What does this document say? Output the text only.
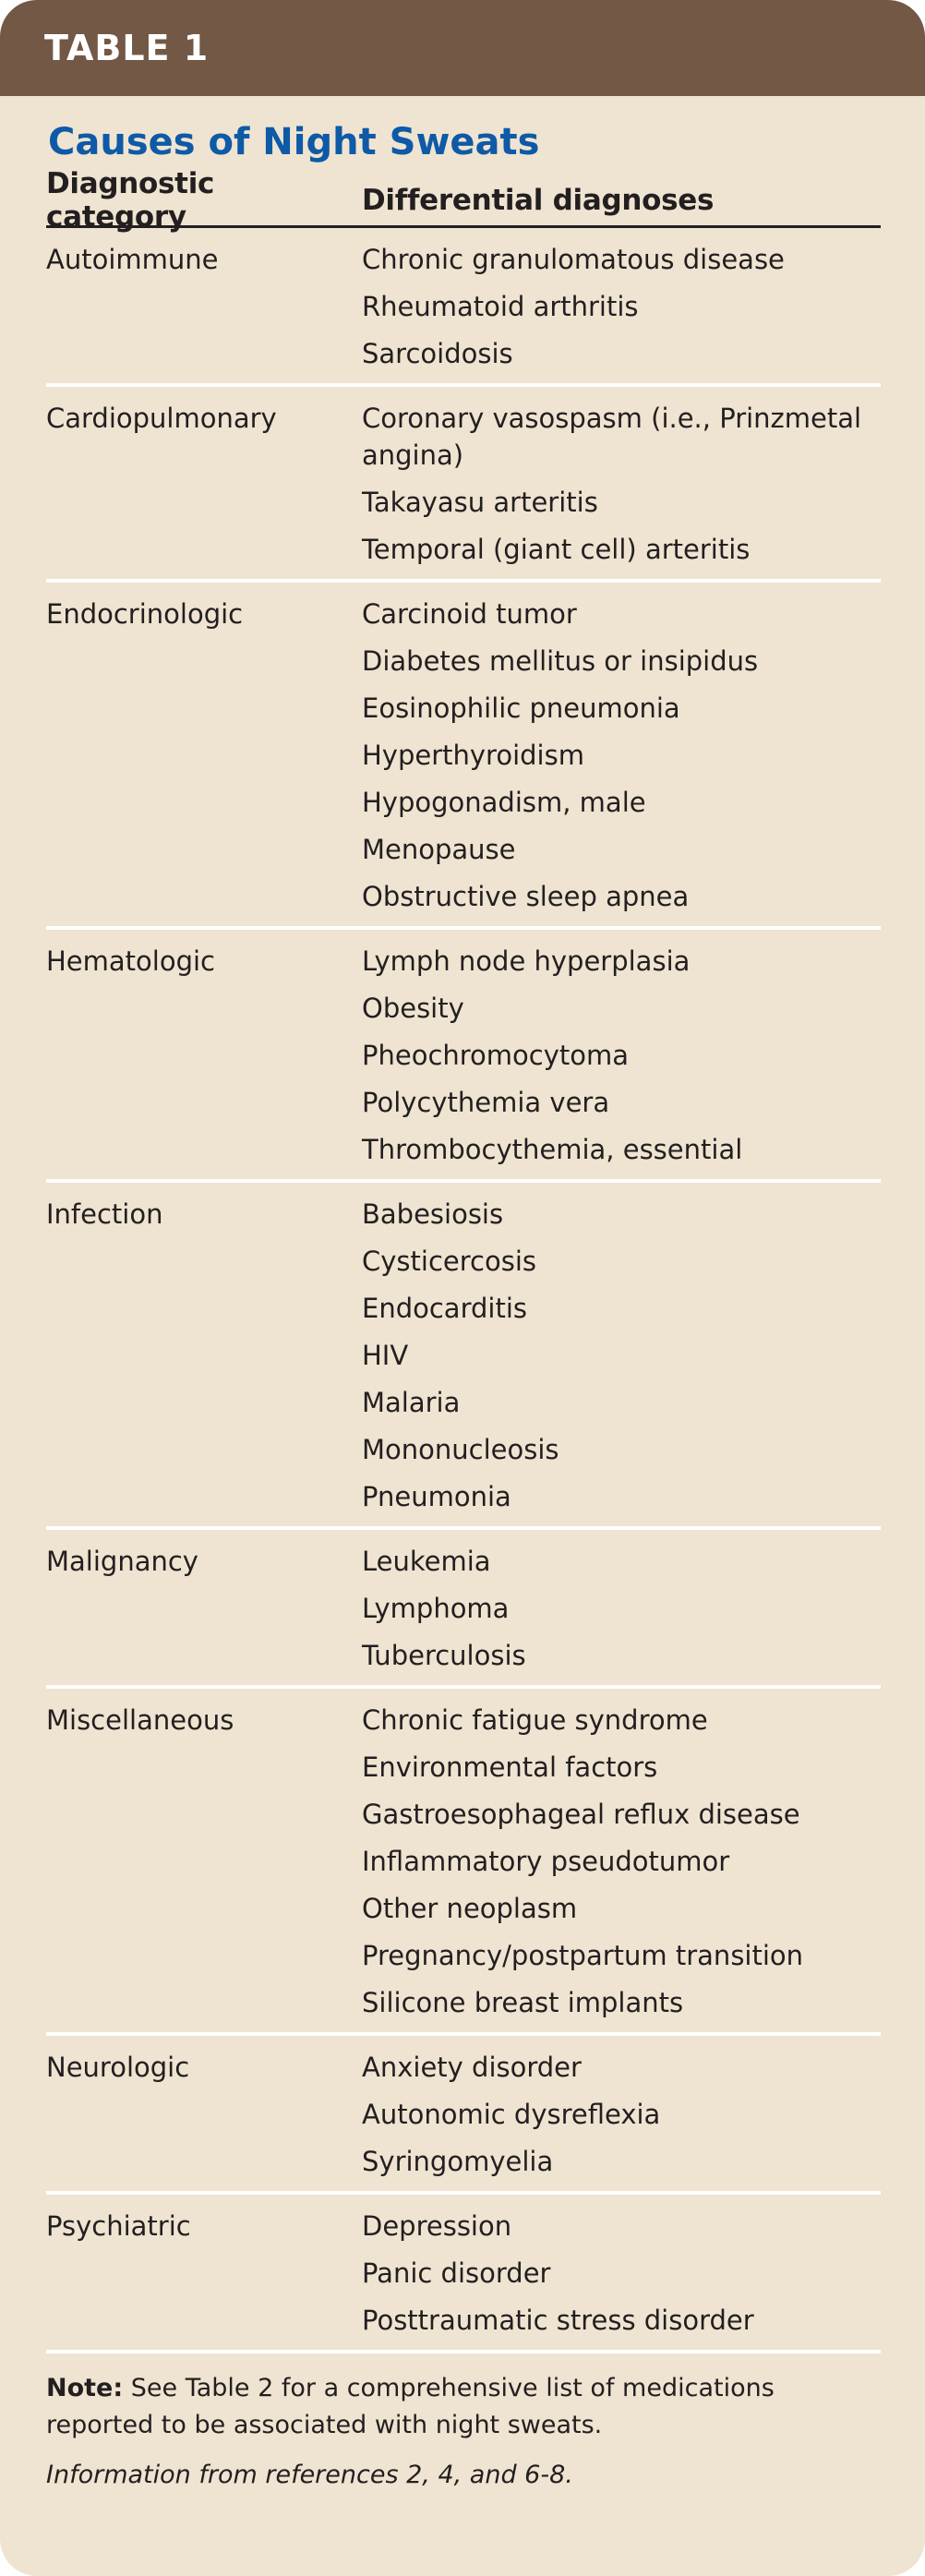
TABLE 1
Causes of Night Sweats
Diagnostic category	Differential diagnoses
Autoimmune	Chronic granulomatous disease
Rheumatoid arthritis
Sarcoidosis
Cardiopulmonary	Coronary vasospasm (i.e., Prinzmetal angina)
Takayasu arteritis
Temporal (giant cell) arteritis
Endocrinologic	Carcinoid tumor
Diabetes mellitus or insipidus
Eosinophilic pneumonia
Hyperthyroidism
Hypogonadism, male
Menopause
Obstructive sleep apnea
Hematologic	Lymph node hyperplasia
Obesity
Pheochromocytoma
Polycythemia vera
Thrombocythemia, essential
Infection	Babesiosis
Cysticercosis
Endocarditis
HIV
Malaria
Mononucleosis
Pneumonia
Malignancy	Leukemia
Lymphoma
Tuberculosis
Miscellaneous	Chronic fatigue syndrome
Environmental factors
Gastroesophageal reflux disease
Inflammatory pseudotumor
Other neoplasm
Pregnancy/postpartum transition
Silicone breast implants
Neurologic	Anxiety disorder
Autonomic dysreflexia
Syringomyelia
Psychiatric	Depression
Panic disorder
Posttraumatic stress disorder
Note: See Table 2 for a comprehensive list of medications reported to be associated with night sweats.
Information from references 2, 4, and 6-8.
